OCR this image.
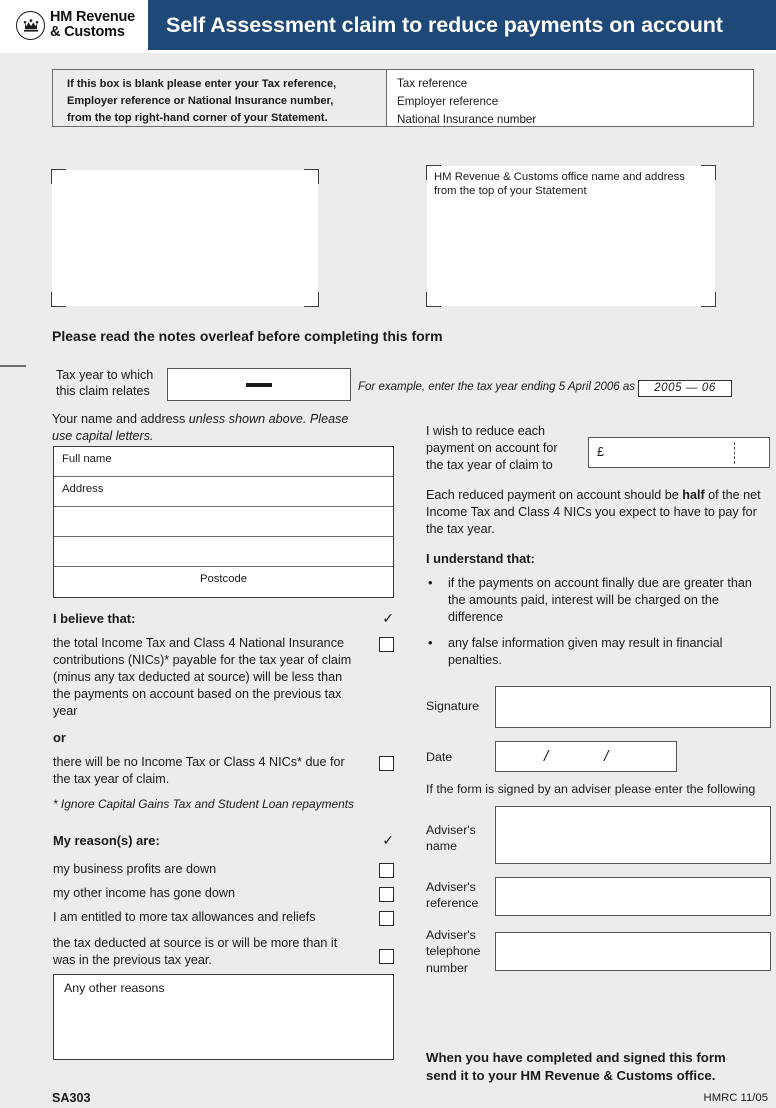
HM Revenue
& Customs	Self Assessment claim to reduce payments on account
If this box is blank please enter your Tax reference,
Employer reference or National Insurance number,
from the top right-hand corner of your Statement.
Tax reference
Employer reference
National Insurance number
HM Revenue & Customs office name and address
from the top of your Statement
Please read the notes overleaf before completing this form
Tax year to which
this claim relates	For example, enter the tax year ending 5 April 2006 as	2005 — 06
Your name and address unless shown above. Please
use capital letters.
Full name
Address
Postcode
I believe that:	✓
the total Income Tax and Class 4 National Insurance contributions (NICs)* payable for the tax year of claim (minus any tax deducted at source) will be less than the payments on account based on the previous tax year
or
there will be no Income Tax or Class 4 NICs* due for the tax year of claim.
* Ignore Capital Gains Tax and Student Loan repayments
My reason(s) are:	✓
my business profits are down
my other income has gone down
I am entitled to more tax allowances and reliefs
the tax deducted at source is or will be more than it was in the previous tax year.
Any other reasons
SA303
I wish to reduce each
payment on account for
the tax year of claim to
£
Each reduced payment on account should be half of the net Income Tax and Class 4 NICs you expect to have to pay for the tax year.
I understand that:
• if the payments on account finally due are greater than the amounts paid, interest will be charged on the difference
• any false information given may result in financial penalties.
Signature
Date	/	/
If the form is signed by an adviser please enter the following
Adviser's
name
Adviser's
reference
Adviser's
telephone
number
When you have completed and signed this form
send it to your HM Revenue & Customs office.
HMRC 11/05
